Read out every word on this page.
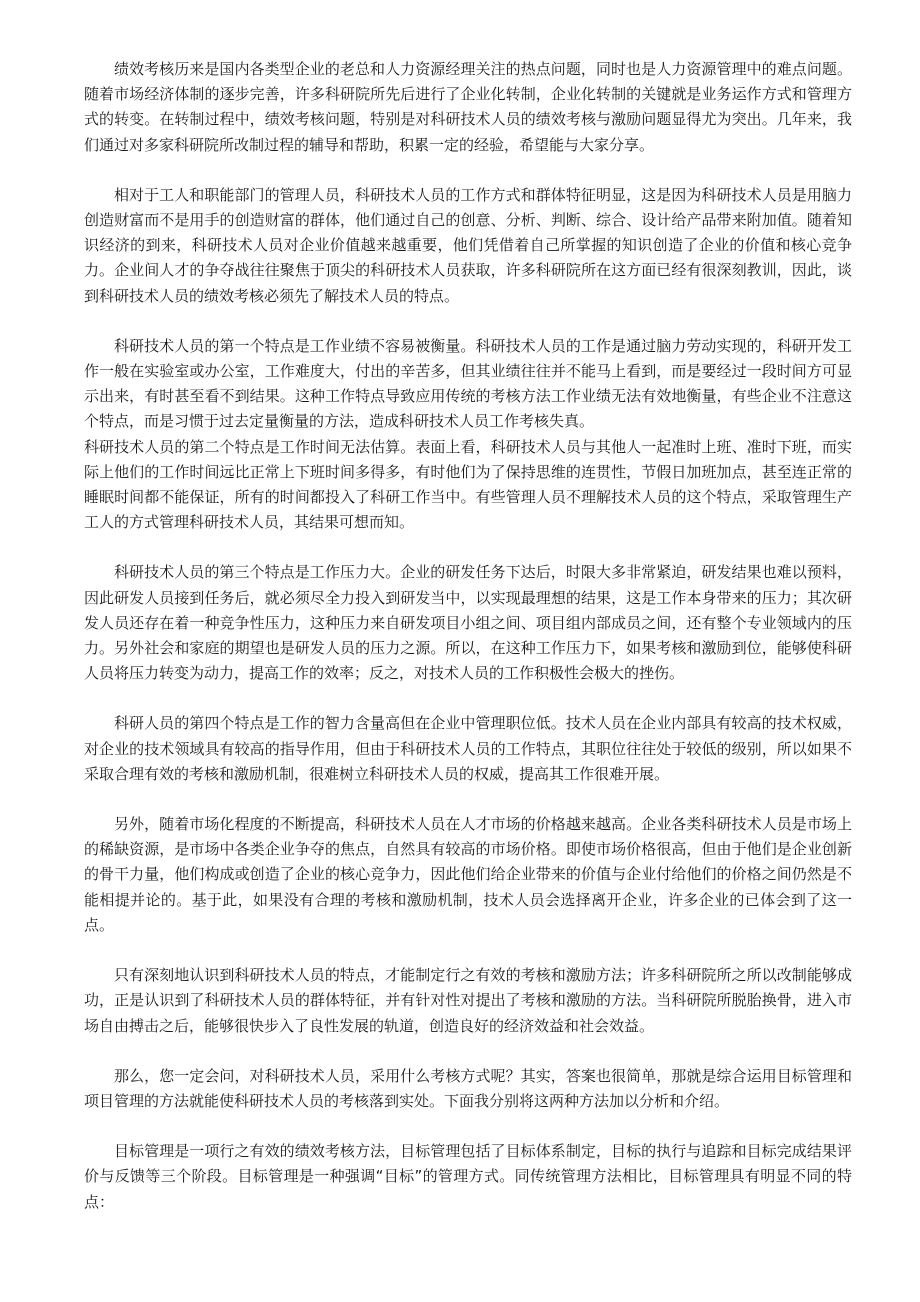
绩效考核历来是国内各类型企业的老总和人力资源经理关注的热点问题，同时也是人力资源管理中的难点问题。随着市场经济体制的逐步完善，许多科研院所先后进行了企业化转制，企业化转制的关键就是业务运作方式和管理方式的转变。在转制过程中，绩效考核问题，特别是对科研技术人员的绩效考核与激励问题显得尤为突出。几年来，我们通过对多家科研院所改制过程的辅导和帮助，积累一定的经验，希望能与大家分享。

相对于工人和职能部门的管理人员，科研技术人员的工作方式和群体特征明显，这是因为科研技术人员是用脑力创造财富而不是用手的创造财富的群体，他们通过自己的创意、分析、判断、综合、设计给产品带来附加值。随着知识经济的到来，科研技术人员对企业价值越来越重要，他们凭借着自己所掌握的知识创造了企业的价值和核心竞争力。企业间人才的争夺战往往聚焦于顶尖的科研技术人员获取，许多科研院所在这方面已经有很深刻教训，因此，谈到科研技术人员的绩效考核必须先了解技术人员的特点。

科研技术人员的第一个特点是工作业绩不容易被衡量。科研技术人员的工作是通过脑力劳动实现的，科研开发工作一般在实验室或办公室，工作难度大，付出的辛苦多，但其业绩往往并不能马上看到，而是要经过一段时间方可显示出来，有时甚至看不到结果。这种工作特点导致应用传统的考核方法工作业绩无法有效地衡量，有些企业不注意这个特点，而是习惯于过去定量衡量的方法，造成科研技术人员工作考核失真。

科研技术人员的第二个特点是工作时间无法估算。表面上看，科研技术人员与其他人一起准时上班、准时下班，而实际上他们的工作时间远比正常上下班时间多得多，有时他们为了保持思维的连贯性，节假日加班加点，甚至连正常的睡眠时间都不能保证，所有的时间都投入了科研工作当中。有些管理人员不理解技术人员的这个特点，采取管理生产工人的方式管理科研技术人员，其结果可想而知。

科研技术人员的第三个特点是工作压力大。企业的研发任务下达后，时限大多非常紧迫，研发结果也难以预料，因此研发人员接到任务后，就必须尽全力投入到研发当中，以实现最理想的结果，这是工作本身带来的压力；其次研发人员还存在着一种竞争性压力，这种压力来自研发项目小组之间、项目组内部成员之间，还有整个专业领域内的压力。另外社会和家庭的期望也是研发人员的压力之源。所以，在这种工作压力下，如果考核和激励到位，能够使科研人员将压力转变为动力，提高工作的效率；反之，对技术人员的工作积极性会极大的挫伤。

科研人员的第四个特点是工作的智力含量高但在企业中管理职位低。技术人员在企业内部具有较高的技术权威，对企业的技术领域具有较高的指导作用，但由于科研技术人员的工作特点，其职位往往处于较低的级别，所以如果不采取合理有效的考核和激励机制，很难树立科研技术人员的权威，提高其工作很难开展。

另外，随着市场化程度的不断提高，科研技术人员在人才市场的价格越来越高。企业各类科研技术人员是市场上的稀缺资源，是市场中各类企业争夺的焦点，自然具有较高的市场价格。即使市场价格很高，但由于他们是企业创新的骨干力量，他们构成或创造了企业的核心竞争力，因此他们给企业带来的价值与企业付给他们的价格之间仍然是不能相提并论的。基于此，如果没有合理的考核和激励机制，技术人员会选择离开企业，许多企业的已体会到了这一点。

只有深刻地认识到科研技术人员的特点，才能制定行之有效的考核和激励方法；许多科研院所之所以改制能够成功，正是认识到了科研技术人员的群体特征，并有针对性对提出了考核和激励的方法。当科研院所脱胎换骨，进入市场自由搏击之后，能够很快步入了良性发展的轨道，创造良好的经济效益和社会效益。

那么，您一定会问，对科研技术人员，采用什么考核方式呢？其实，答案也很简单，那就是综合运用目标管理和项目管理的方法就能使科研技术人员的考核落到实处。下面我分别将这两种方法加以分析和介绍。

目标管理是一项行之有效的绩效考核方法，目标管理包括了目标体系制定，目标的执行与追踪和目标完成结果评价与反馈等三个阶段。目标管理是一种强调“目标”的管理方式。同传统管理方法相比，目标管理具有明显不同的特点：
